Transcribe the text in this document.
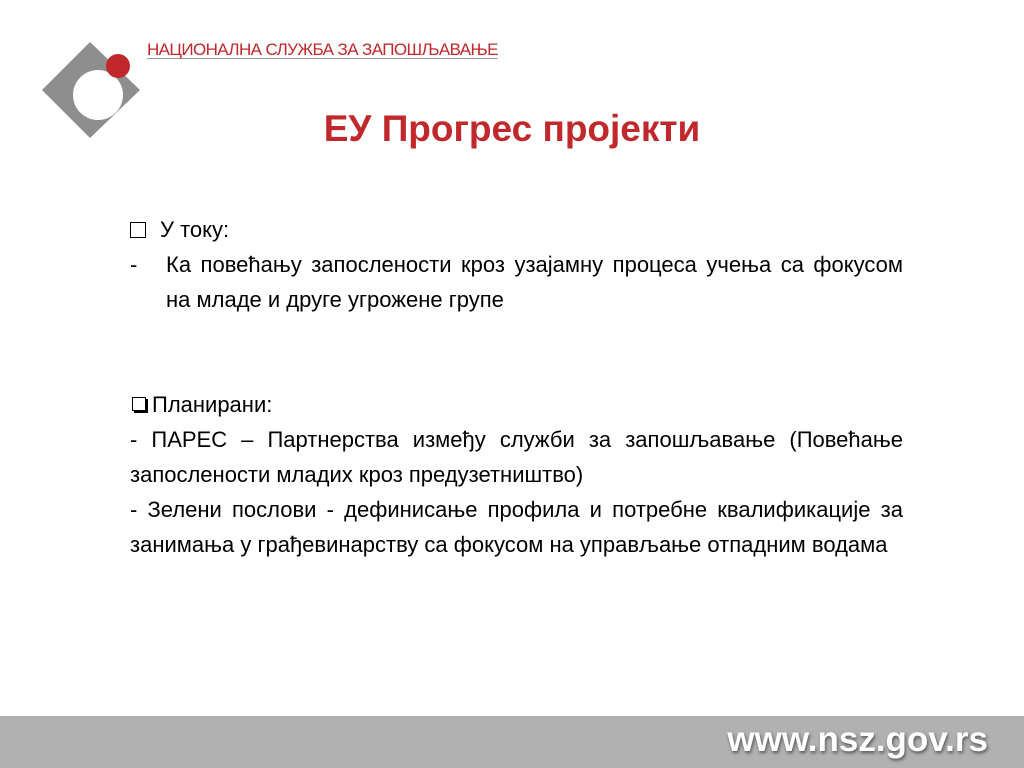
НАЦИОНАЛНА СЛУЖБА ЗА ЗАПОШЉАВАЊЕ
ЕУ Прогрес пројекти
У току:
-	Ка повећању запослености кроз узајамну процеса учења са фокусом на младе и друге угрожене групе
Планирани:
- ПАРЕС – Партнерства између служби за запошљавање (Повећање запослености младих кроз предузетништво)
- Зелени послови - дефинисање профила и потребне квалификације за занимања у грађевинарству са фокусом на управљање отпадним водама
www.nsz.gov.rs
